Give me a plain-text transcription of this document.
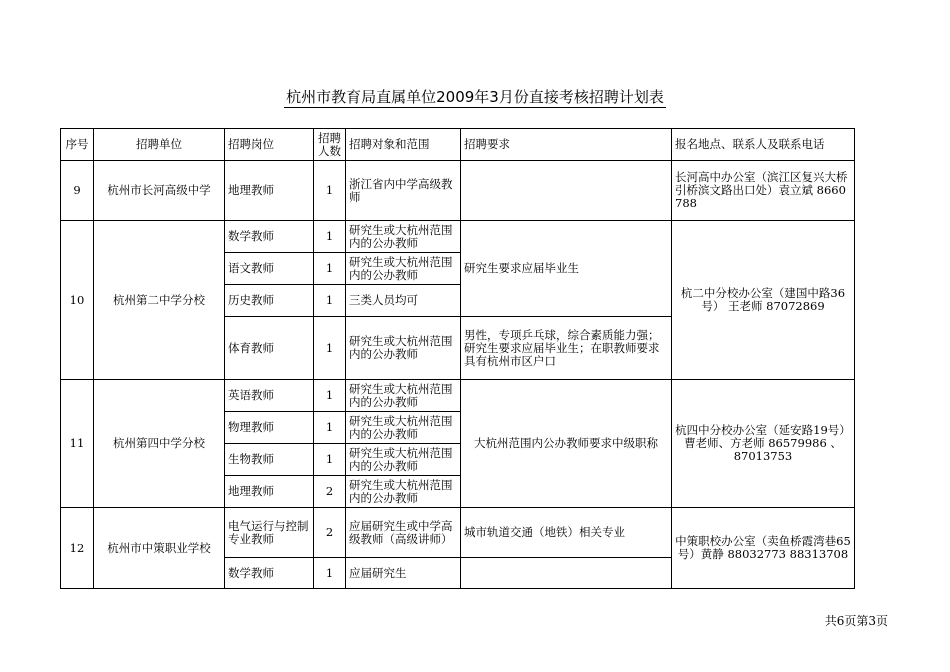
杭州市教育局直属单位2009年3月份直接考核招聘计划表
序号	招聘单位	招聘岗位	招聘人数	招聘对象和范围	招聘要求	报名地点、联系人及联系电话
9	杭州市长河高级中学	地理教师	1	浙江省内中学高级教师		长河高中办公室（滨江区复兴大桥引桥滨文路出口处）袁立斌 8660　788
10	杭州第二中学分校	数学教师	1	研究生或大杭州范围内的公办教师	研究生要求应届毕业生	杭二中分校办公室（建国中路36号） 王老师 87072869
		语文教师	1	研究生或大杭州范围内的公办教师		
		历史教师	1	三类人员均可		
		体育教师	1	研究生或大杭州范围内的公办教师	男性，专项乒乓球，综合素质能力强；研究生要求应届毕业生；在职教师要求具有杭州市区户口	
11	杭州第四中学分校	英语教师	1	研究生或大杭州范围内的公办教师	大杭州范围内公办教师要求中级职称	杭四中分校办公室（延安路19号）曹老师、方老师 86579986 、87013753
		物理教师	1	研究生或大杭州范围内的公办教师		
		生物教师	1	研究生或大杭州范围内的公办教师		
		地理教师	2	研究生或大杭州范围内的公办教师		
12	杭州市中策职业学校	电气运行与控制专业教师	2	应届研究生或中学高级教师（高级讲师）	城市轨道交通（地铁）相关专业	中策职校办公室（卖鱼桥霞湾巷65号）黄静 88032773 88313708
		数学教师	1	应届研究生		
共6页第3页
